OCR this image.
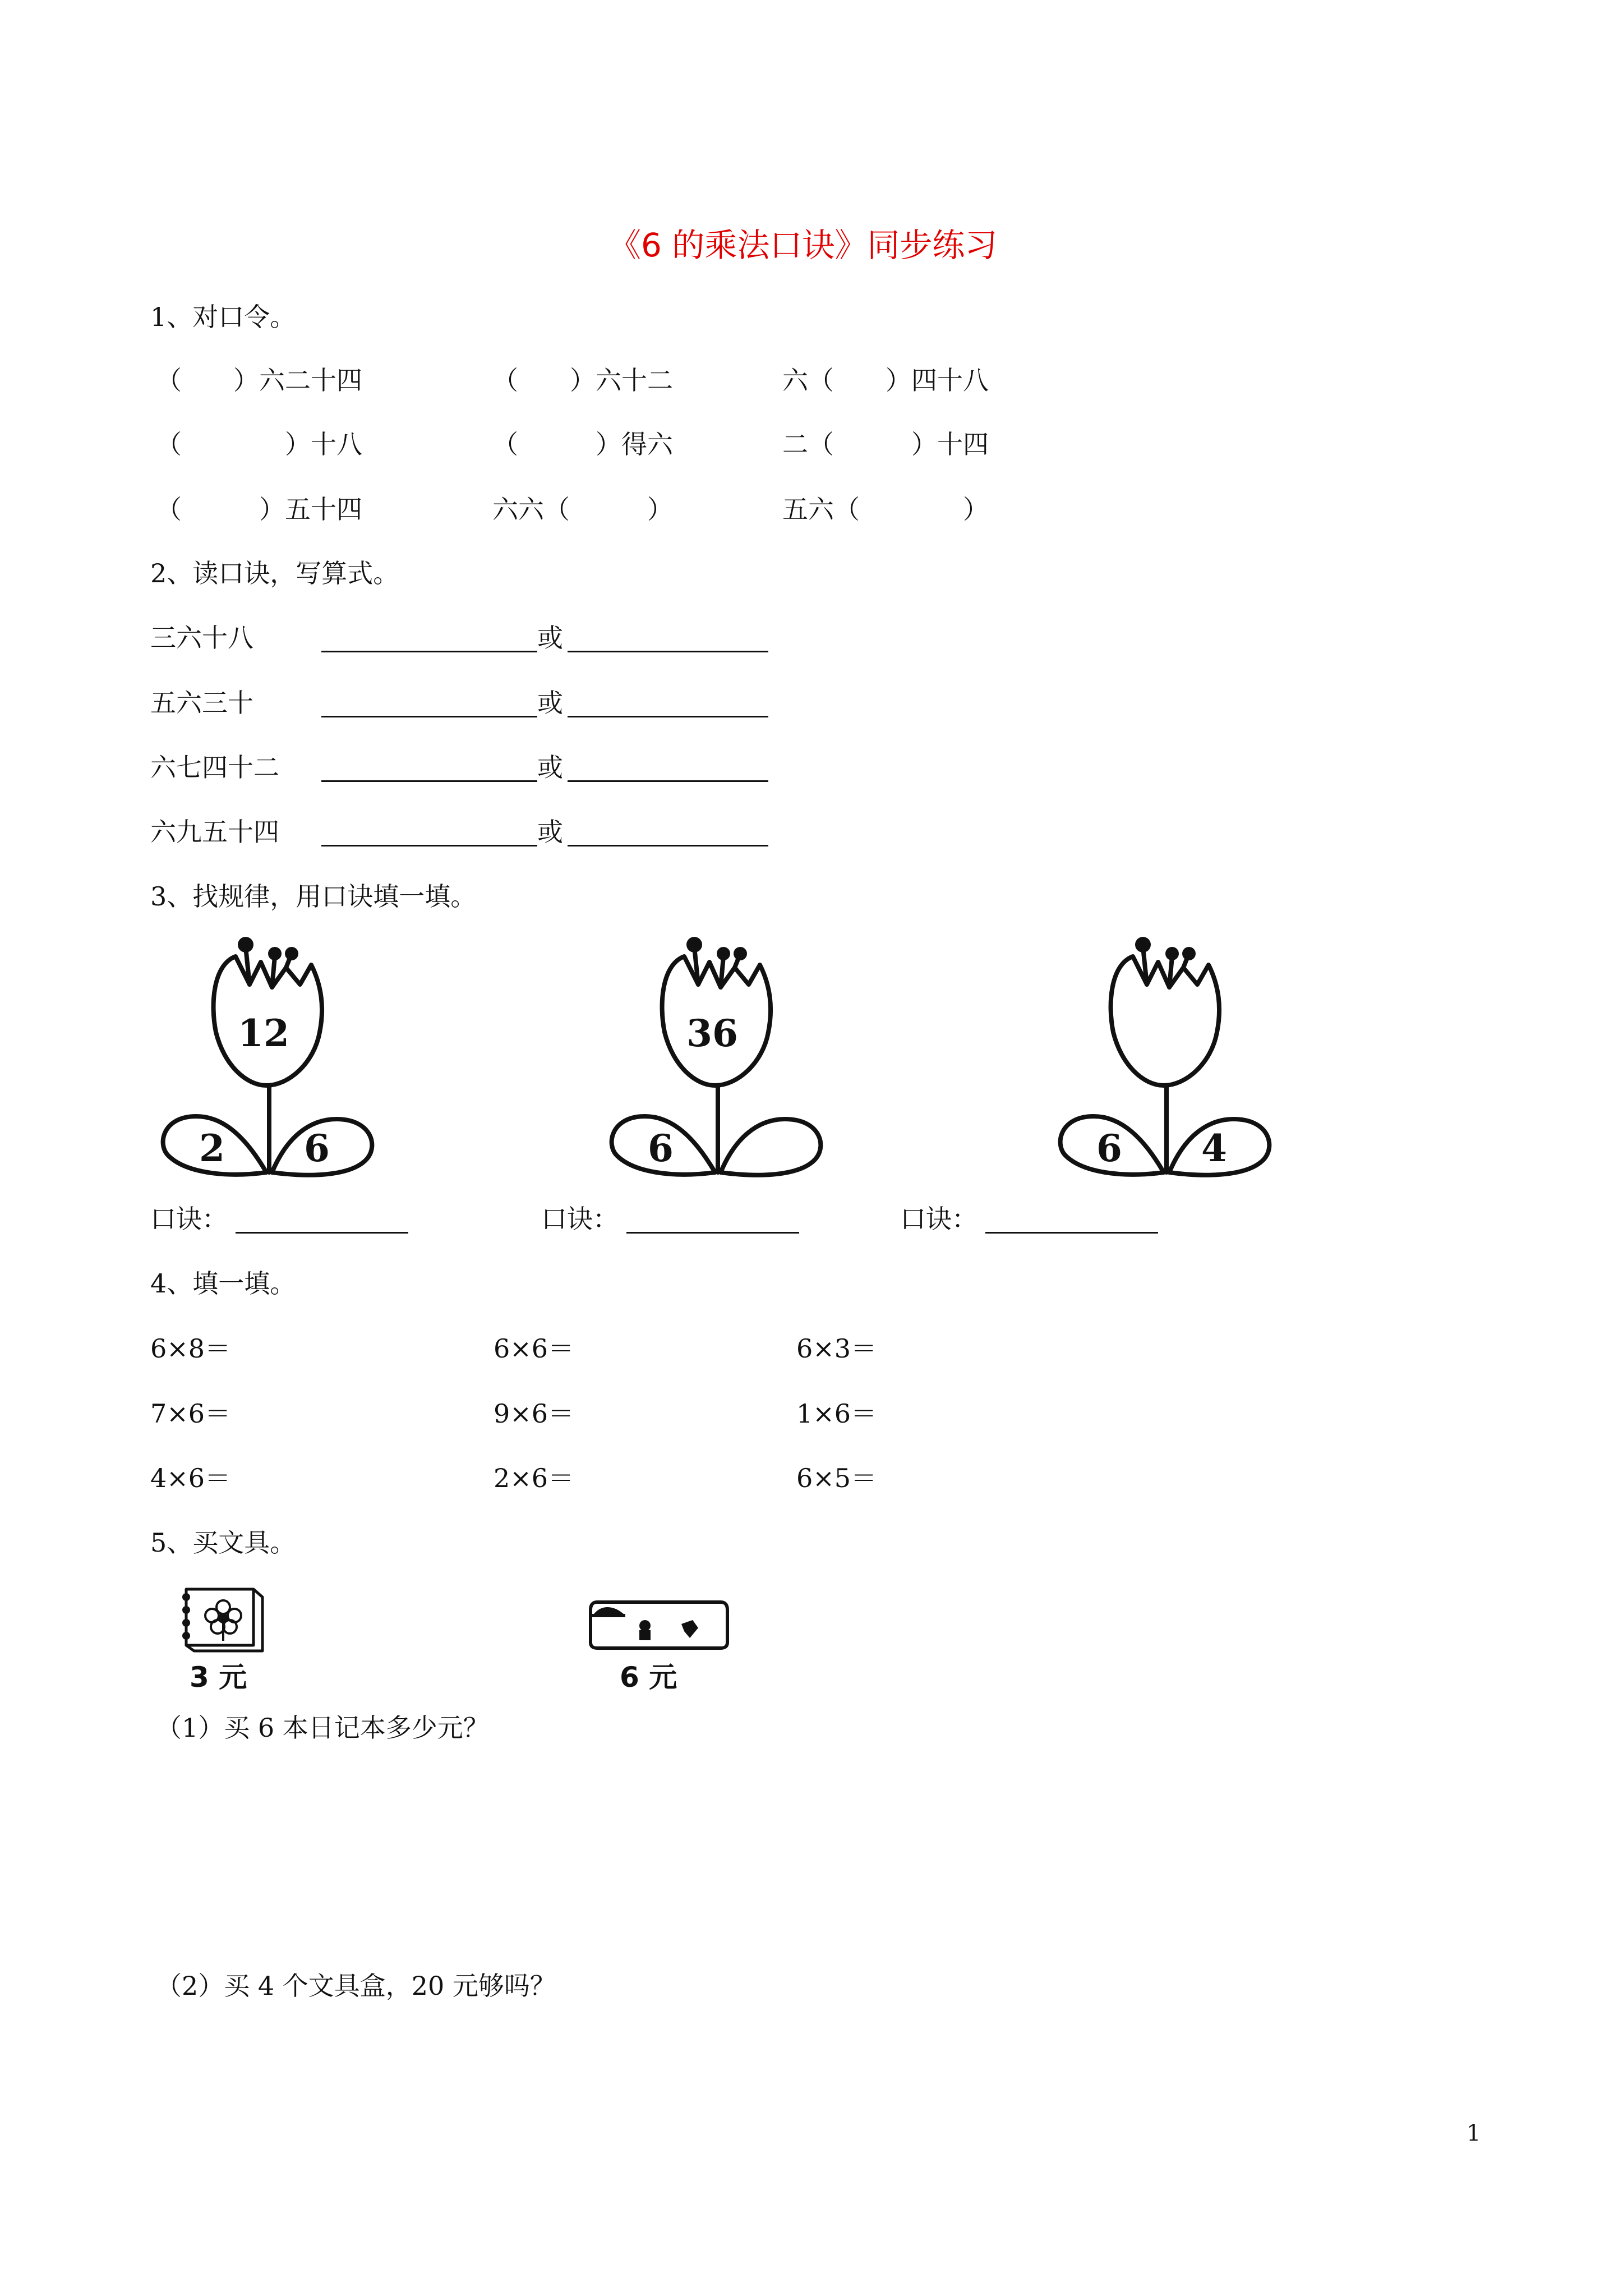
《6 的乘法口诀》同步练习
1、对口令。
（　　）六二十四	（　　）六十二	六（　　）四十八
（　　　　）十八	（　　　）得六	二（　　　）十四
（　　　）五十四	六六（　　　）	五六（　　　　）
2、读口诀，写算式。
三六十八	或
五六三十	或
六七四十二	或
六九五十四	或
3、找规律，用口诀填一填。
12
2 6
36
6	6 4
口诀：	口诀：	口诀：
4、填一填。
6×8＝	6×6＝	6×3＝
7×6＝	9×6＝	1×6＝
4×6＝	2×6＝	6×5＝
5、买文具。
3 元	6 元
（1）买 6 本日记本多少元？
（2）买 4 个文具盒，20 元够吗？
1
